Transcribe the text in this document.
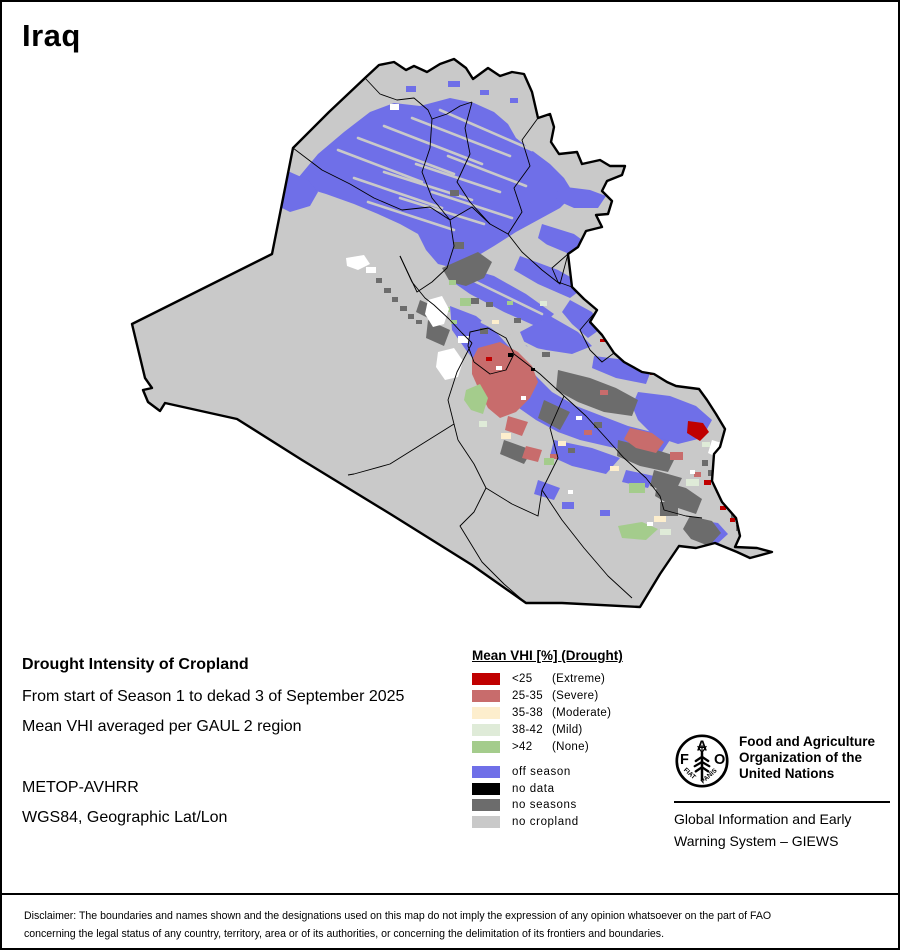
Iraq
Drought Intensity of Cropland
From start of Season 1 to dekad 3 of September 2025
Mean VHI averaged per GAUL 2 region
METOP-AVHRR
WGS84, Geographic Lat/Lon
Mean VHI [%] (Drought)
<25	(Extreme)
25-35 (Severe)
35-38 (Moderate)
38-42 (Mild)
>42	(None)
off season
no data
no seasons
no cropland
F
A
O
FIAT PANIS
Food and Agriculture
Organization of the
United Nations
Global Information and Early
Warning System – GIEWS
Disclaimer: The boundaries and names shown and the designations used on this map do not imply the expression of any opinion whatsoever on the part of FAO
concerning the legal status of any country, territory, area or of its authorities, or concerning the delimitation of its frontiers and boundaries.
